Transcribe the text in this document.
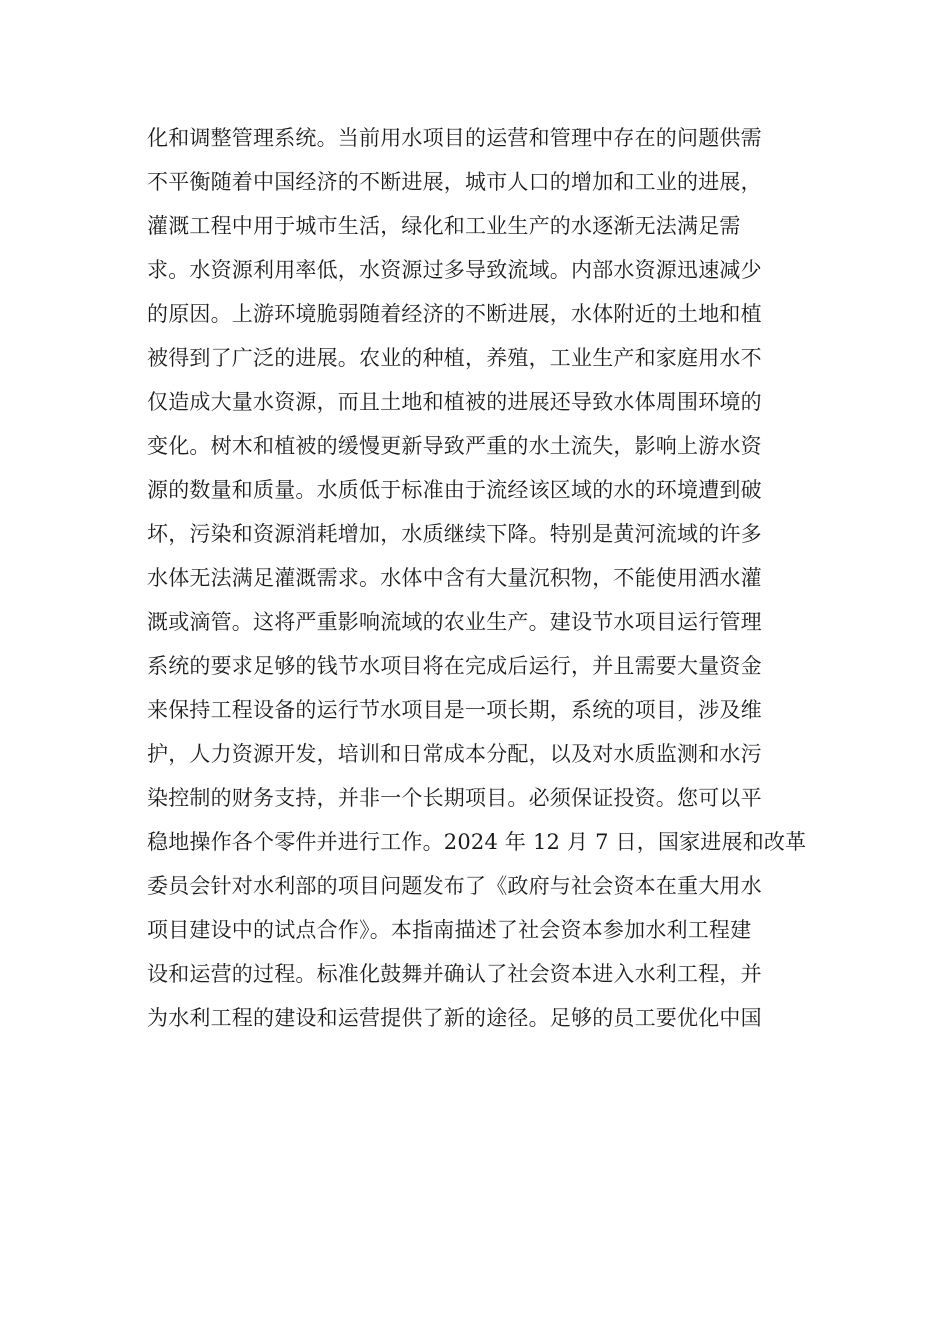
化和调整管理系统。当前用水项目的运营和管理中存在的问题供需
不平衡随着中国经济的不断进展，城市人口的增加和工业的进展，
灌溉工程中用于城市生活，绿化和工业生产的水逐渐无法满足需
求。水资源利用率低，水资源过多导致流域。内部水资源迅速减少
的原因。上游环境脆弱随着经济的不断进展，水体附近的土地和植
被得到了广泛的进展。农业的种植，养殖，工业生产和家庭用水不
仅造成大量水资源，而且土地和植被的进展还导致水体周围环境的
变化。树木和植被的缓慢更新导致严重的水土流失，影响上游水资
源的数量和质量。水质低于标准由于流经该区域的水的环境遭到破
坏，污染和资源消耗增加，水质继续下降。特别是黄河流域的许多
水体无法满足灌溉需求。水体中含有大量沉积物，不能使用洒水灌
溉或滴管。这将严重影响流域的农业生产。建设节水项目运行管理
系统的要求足够的钱节水项目将在完成后运行，并且需要大量资金
来保持工程设备的运行节水项目是一项长期，系统的项目，涉及维
护，人力资源开发，培训和日常成本分配，以及对水质监测和水污
染控制的财务支持，并非一个长期项目。必须保证投资。您可以平
稳地操作各个零件并进行工作。2024 年 12 月 7 日，国家进展和改革
委员会针对水利部的项目问题发布了《政府与社会资本在重大用水
项目建设中的试点合作》。本指南描述了社会资本参加水利工程建
设和运营的过程。标准化鼓舞并确认了社会资本进入水利工程，并
为水利工程的建设和运营提供了新的途径。足够的员工要优化中国
